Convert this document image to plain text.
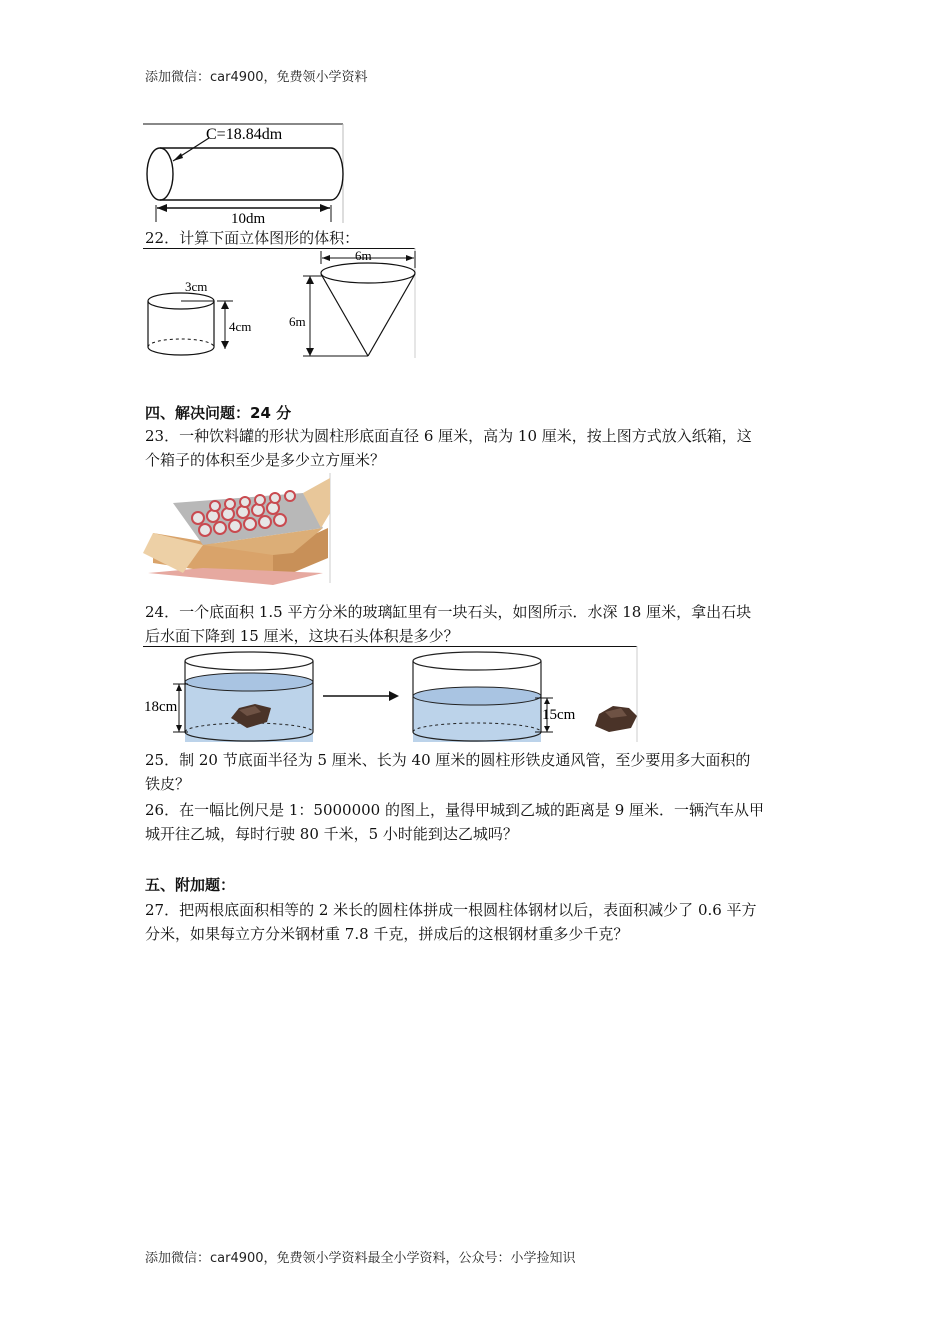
添加微信：car4900，免费领小学资料
C=18.84dm
10dm
22．计算下面立体图形的体积：
3cm
4cm
6m
6m
四、解决问题：24 分
23．一种饮料罐的形状为圆柱形底面直径 6 厘米，高为 10 厘米，按上图方式放入纸箱，这
个箱子的体积至少是多少立方厘米？
24．一个底面积 1.5 平方分米的玻璃缸里有一块石头，如图所示．水深 18 厘米，拿出石块
后水面下降到 15 厘米，这块石头体积是多少？
18cm	15cm
25．制 20 节底面半径为 5 厘米、长为 40 厘米的圆柱形铁皮通风管，至少要用多大面积的
铁皮？
26．在一幅比例尺是 1：5000000 的图上，量得甲城到乙城的距离是 9 厘米．一辆汽车从甲
城开往乙城，每时行驶 80 千米，5 小时能到达乙城吗？
五、附加题：
27．把两根底面积相等的 2 米长的圆柱体拼成一根圆柱体钢材以后，表面积减少了 0.6 平方
分米，如果每立方分米钢材重 7.8 千克，拼成后的这根钢材重多少千克？
添加微信：car4900，免费领小学资料最全小学资料，公众号：小学捡知识
